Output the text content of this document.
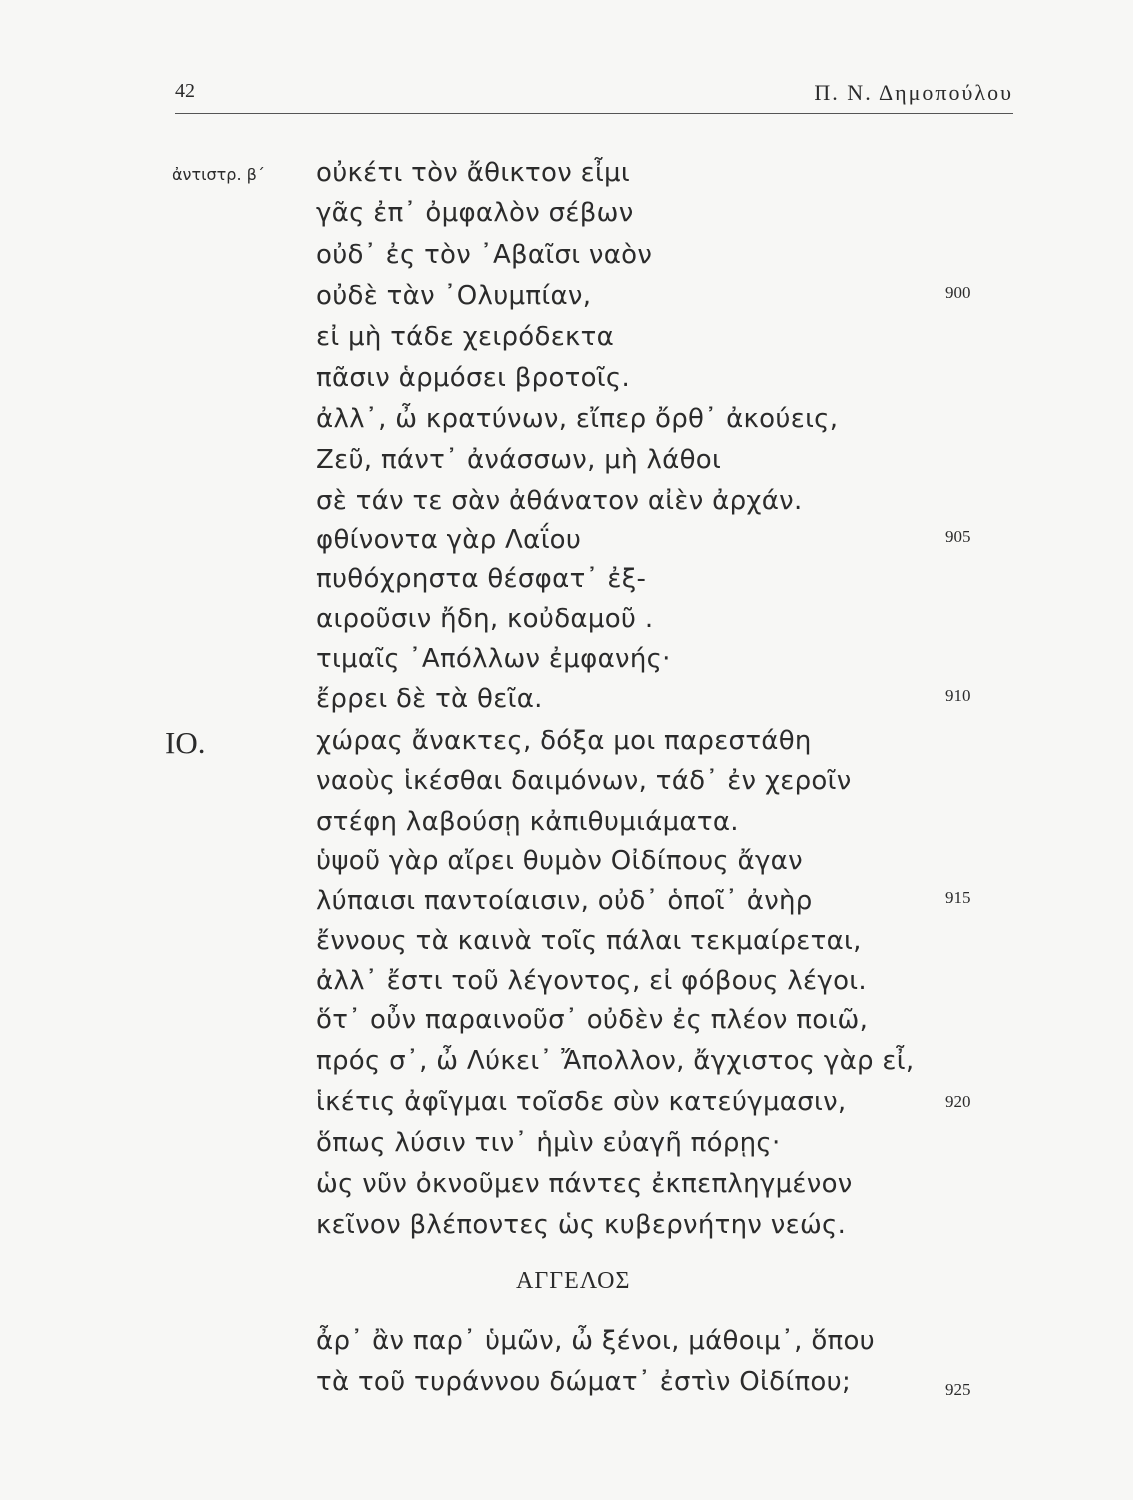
42	Π. Ν. Δημοπούλου
ἀντιστρ. β΄
ΙΟ.
οὐκέτι τὸν ἄθικτον εἶμι
γᾶς ἐπ᾽ ὀμφαλὸν σέβων
οὐδ᾽ ἐς τὸν ᾽Αβαῖσι ναὸν
οὐδὲ τὰν ᾽Ολυμπίαν,
εἰ μὴ τάδε χειρόδεκτα
πᾶσιν ἁρμόσει βροτοῖς.
ἀλλ᾽, ὦ κρατύνων, εἴπερ ὄρθ᾽ ἀκούεις,
Ζεῦ, πάντ᾽ ἀνάσσων, μὴ λάθοι
σὲ τάν τε σὰν ἀθάνατον αἰὲν ἀρχάν.
φθίνοντα γὰρ Λαΐου
πυθόχρηστα θέσφατ᾽ ἐξ-
αιροῦσιν ἤδη, κοὐδαμοῦ .
τιμαῖς ᾽Απόλλων ἐμφανής·
ἔρρει δὲ τὰ θεῖα.
χώρας ἄνακτες, δόξα μοι παρεστάθη
ναοὺς ἱκέσθαι δαιμόνων, τάδ᾽ ἐν χεροῖν
στέφη λαβούσῃ κἀπιθυμιάματα.
ὑψοῦ γὰρ αἴρει θυμὸν Οἰδίπους ἄγαν
λύπαισι παντοίαισιν, οὐδ᾽ ὁποῖ᾽ ἀνὴρ
ἔννους τὰ καινὰ τοῖς πάλαι τεκμαίρεται,
ἀλλ᾽ ἔστι τοῦ λέγοντος, εἰ φόβους λέγοι.
ὅτ᾽ οὖν παραινοῦσ᾽ οὐδὲν ἐς πλέον ποιῶ,
πρός σ᾽, ὦ Λύκει᾽ Ἄπολλον, ἄγχιστος γὰρ εἶ,
ἱκέτις ἀφῖγμαι τοῖσδε σὺν κατεύγμασιν,
ὅπως λύσιν τιν᾽ ἡμὶν εὐαγῆ πόρῃς·
ὡς νῦν ὀκνοῦμεν πάντες ἐκπεπληγμένον
κεῖνον βλέποντες ὡς κυβερνήτην νεώς.
ΑΓΓΕΛΟΣ
ἆρ᾽ ἂν παρ᾽ ὑμῶν, ὦ ξένοι, μάθοιμ᾽, ὅπου
τὰ τοῦ τυράννου δώματ᾽ ἐστὶν Οἰδίπου;
900
905
910
915
920
925
